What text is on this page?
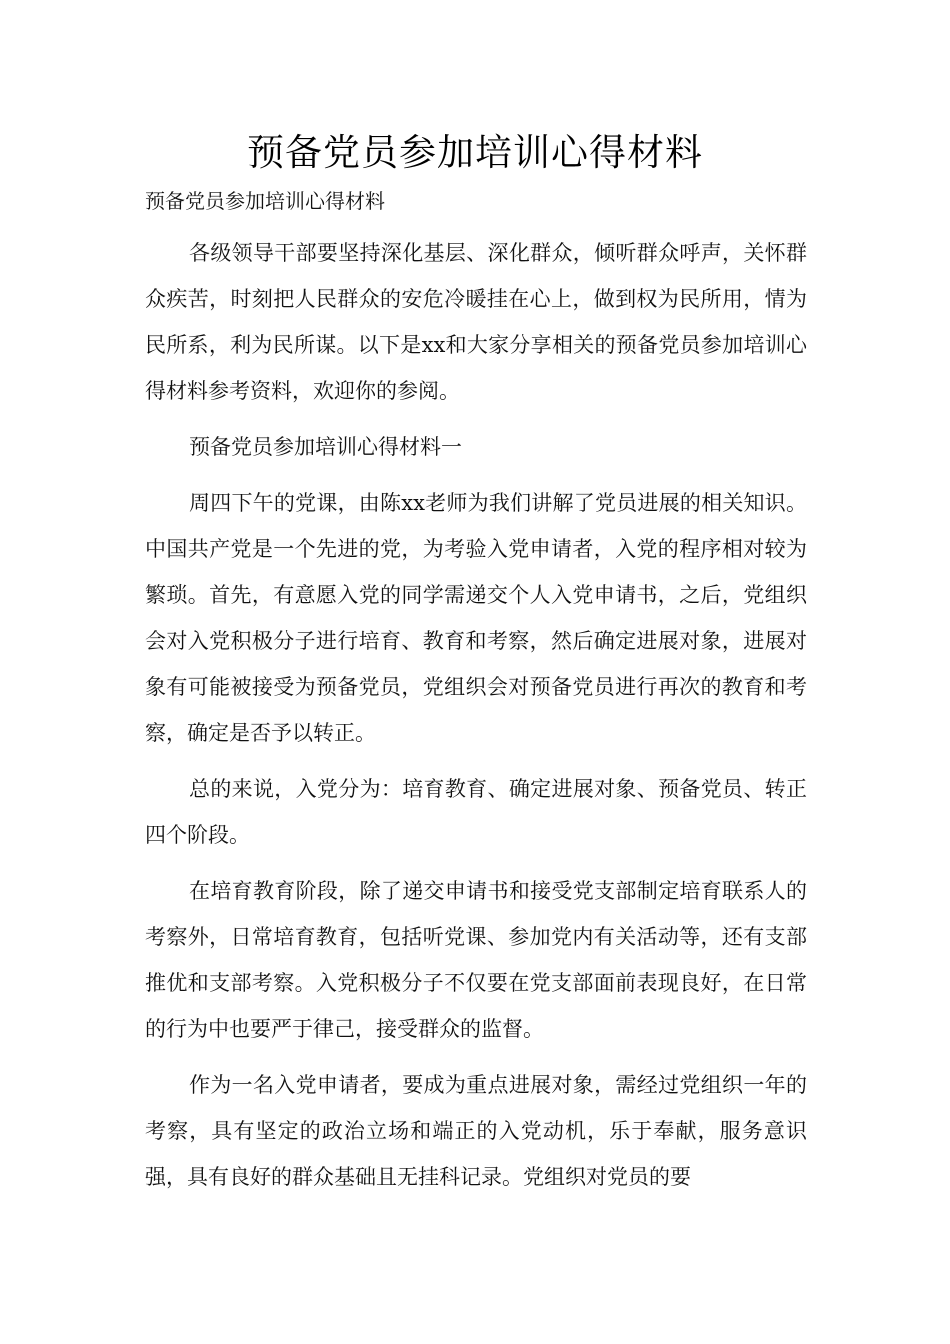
预备党员参加培训心得材料
预备党员参加培训心得材料

各级领导干部要坚持深化基层、深化群众，倾听群众呼声，关怀群众疾苦，时刻把人民群众的安危冷暖挂在心上，做到权为民所用，情为民所系，利为民所谋。以下是xx和大家分享相关的预备党员参加培训心得材料参考资料，欢迎你的参阅。

预备党员参加培训心得材料一

周四下午的党课，由陈xx老师为我们讲解了党员进展的相关知识。中国共产党是一个先进的党，为考验入党申请者，入党的程序相对较为繁琐。首先，有意愿入党的同学需递交个人入党申请书，之后，党组织会对入党积极分子进行培育、教育和考察，然后确定进展对象，进展对象有可能被接受为预备党员，党组织会对预备党员进行再次的教育和考察，确定是否予以转正。

总的来说，入党分为：培育教育、确定进展对象、预备党员、转正四个阶段。

在培育教育阶段，除了递交申请书和接受党支部制定培育联系人的考察外，日常培育教育，包括听党课、参加党内有关活动等，还有支部推优和支部考察。入党积极分子不仅要在党支部面前表现良好，在日常的行为中也要严于律己，接受群众的监督。

作为一名入党申请者，要成为重点进展对象，需经过党组织一年的考察，具有坚定的政治立场和端正的入党动机，乐于奉献，服务意识强，具有良好的群众基础且无挂科记录。党组织对党员的要
